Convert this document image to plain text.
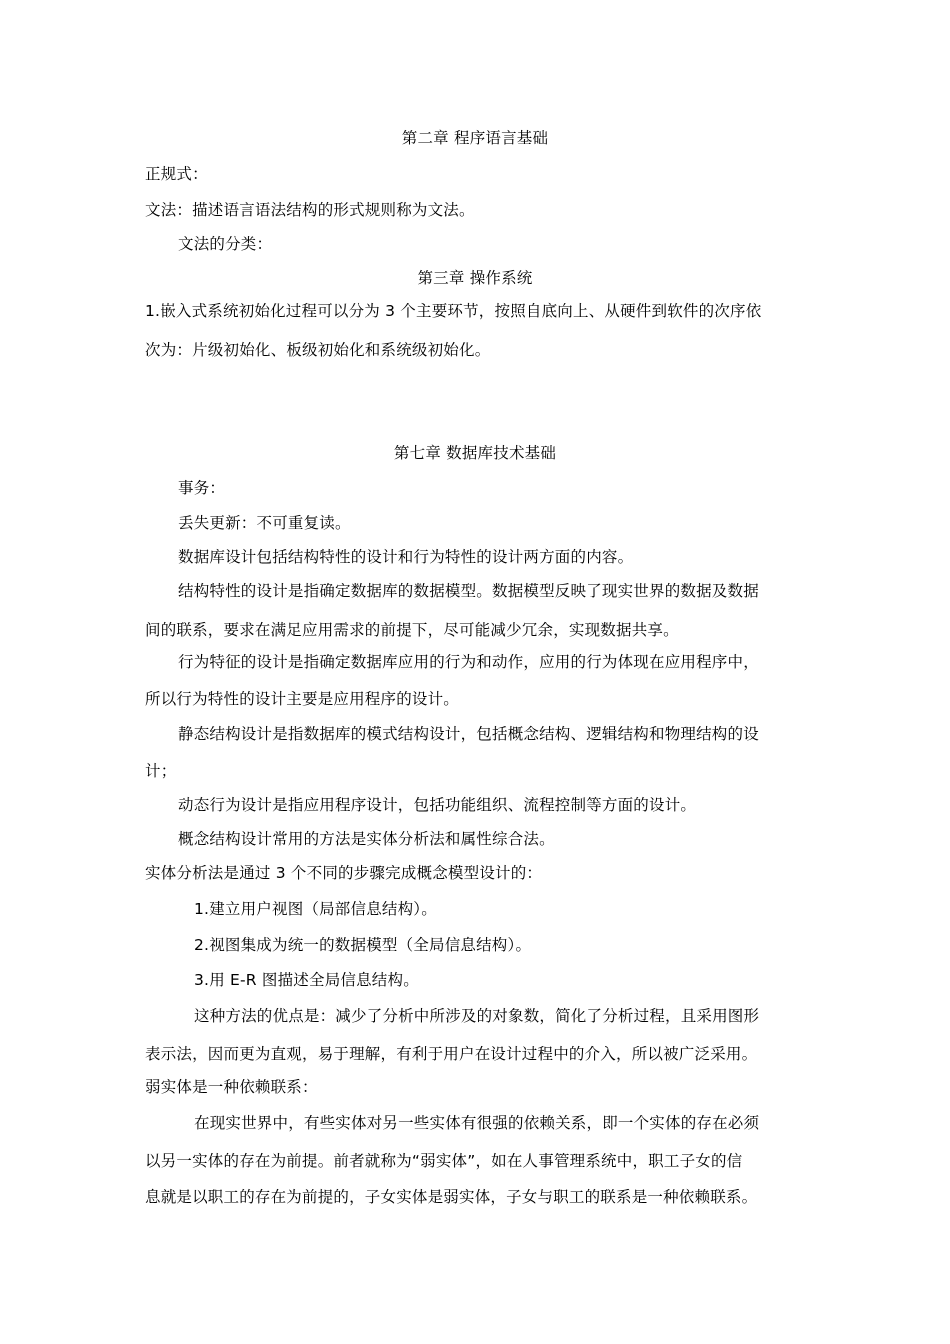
第二章 程序语言基础
正规式：
文法：描述语言语法结构的形式规则称为文法。
文法的分类：
第三章 操作系统
1.嵌入式系统初始化过程可以分为 3 个主要环节，按照自底向上、从硬件到软件的次序依
次为：片级初始化、板级初始化和系统级初始化。
第七章 数据库技术基础
事务：
丢失更新：不可重复读。
数据库设计包括结构特性的设计和行为特性的设计两方面的内容。
结构特性的设计是指确定数据库的数据模型。数据模型反映了现实世界的数据及数据
间的联系，要求在满足应用需求的前提下，尽可能减少冗余，实现数据共享。
行为特征的设计是指确定数据库应用的行为和动作，应用的行为体现在应用程序中，
所以行为特性的设计主要是应用程序的设计。
静态结构设计是指数据库的模式结构设计，包括概念结构、逻辑结构和物理结构的设
计；
动态行为设计是指应用程序设计，包括功能组织、流程控制等方面的设计。
概念结构设计常用的方法是实体分析法和属性综合法。
实体分析法是通过 3 个不同的步骤完成概念模型设计的：
1.建立用户视图（局部信息结构）。
2.视图集成为统一的数据模型（全局信息结构）。
3.用 E-R 图描述全局信息结构。
这种方法的优点是：减少了分析中所涉及的对象数，简化了分析过程，且采用图形
表示法，因而更为直观，易于理解，有利于用户在设计过程中的介入，所以被广泛采用。
弱实体是一种依赖联系：
在现实世界中，有些实体对另一些实体有很强的依赖关系，即一个实体的存在必须
以另一实体的存在为前提。前者就称为“弱实体”，如在人事管理系统中，职工子女的信
息就是以职工的存在为前提的，子女实体是弱实体，子女与职工的联系是一种依赖联系。
